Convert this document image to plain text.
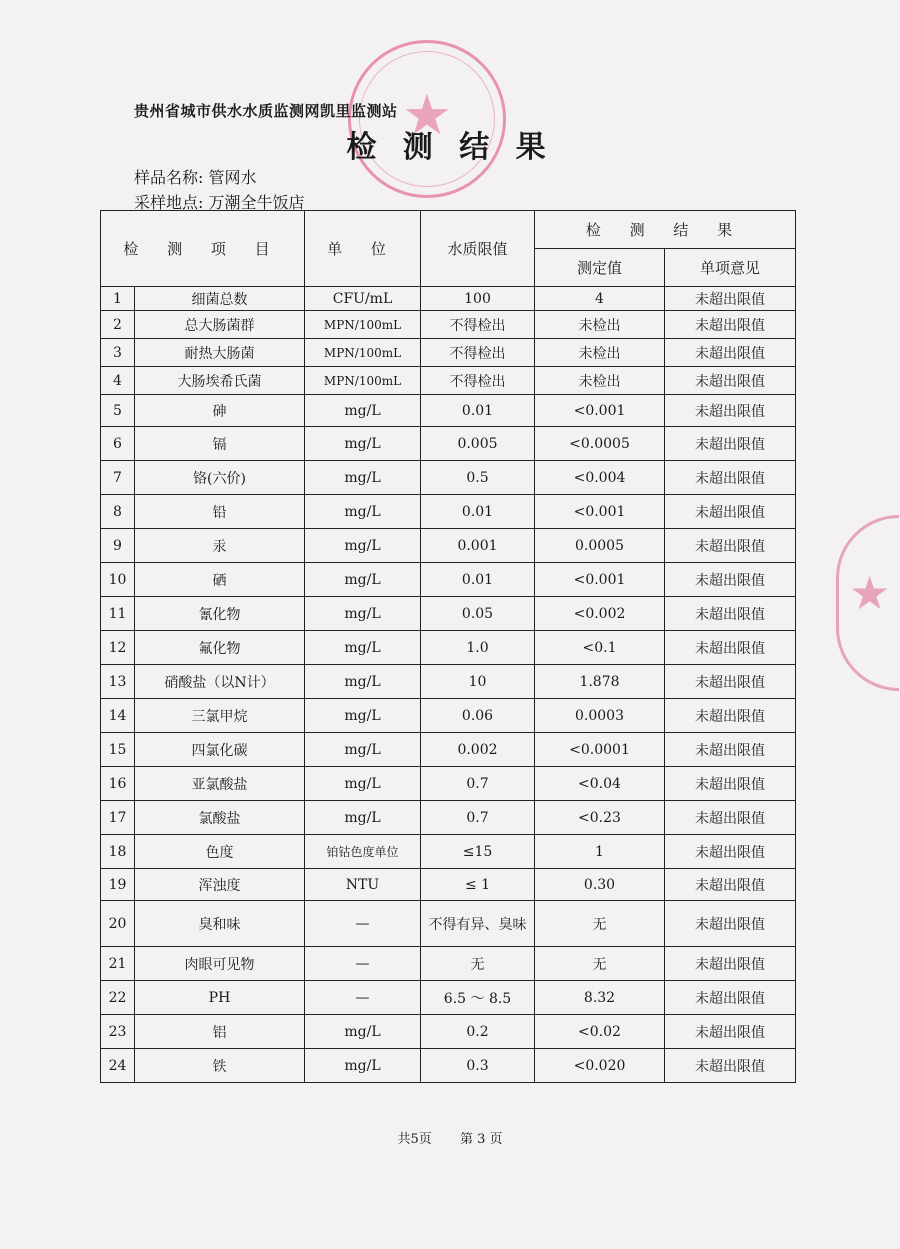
★
★
贵州省城市供水水质监测网凯里监测站
检 测 结 果
样品名称: 管网水
采样地点: 万潮全牛饭店
检 测 项 目		单 位	水质限值	检 测 结 果	
				测定值	单项意见
1	细菌总数	CFU/mL	100	4	未超出限值
2	总大肠菌群	MPN/100mL	不得检出	未检出	未超出限值
3	耐热大肠菌	MPN/100mL	不得检出	未检出	未超出限值
4	大肠埃希氏菌	MPN/100mL	不得检出	未检出	未超出限值
5	砷	mg/L	0.01	<0.001	未超出限值
6	镉	mg/L	0.005	<0.0005	未超出限值
7	铬(六价)	mg/L	0.5	<0.004	未超出限值
8	铅	mg/L	0.01	<0.001	未超出限值
9	汞	mg/L	0.001	0.0005	未超出限值
10	硒	mg/L	0.01	<0.001	未超出限值
11	氰化物	mg/L	0.05	<0.002	未超出限值
12	氟化物	mg/L	1.0	<0.1	未超出限值
13	硝酸盐（以N计）	mg/L	10	1.878	未超出限值
14	三氯甲烷	mg/L	0.06	0.0003	未超出限值
15	四氯化碳	mg/L	0.002	<0.0001	未超出限值
16	亚氯酸盐	mg/L	0.7	<0.04	未超出限值
17	氯酸盐	mg/L	0.7	<0.23	未超出限值
18	色度	铂钴色度单位	≤15	1	未超出限值
19	浑浊度	NTU	≤ 1	0.30	未超出限值
20	臭和味	—	不得有异、臭味	无	未超出限值
21	肉眼可见物	—	无	无	未超出限值
22	PH	—	6.5 ～ 8.5	8.32	未超出限值
23	铝	mg/L	0.2	<0.02	未超出限值
24	铁	mg/L	0.3	<0.020	未超出限值
共5页 第 3 页
